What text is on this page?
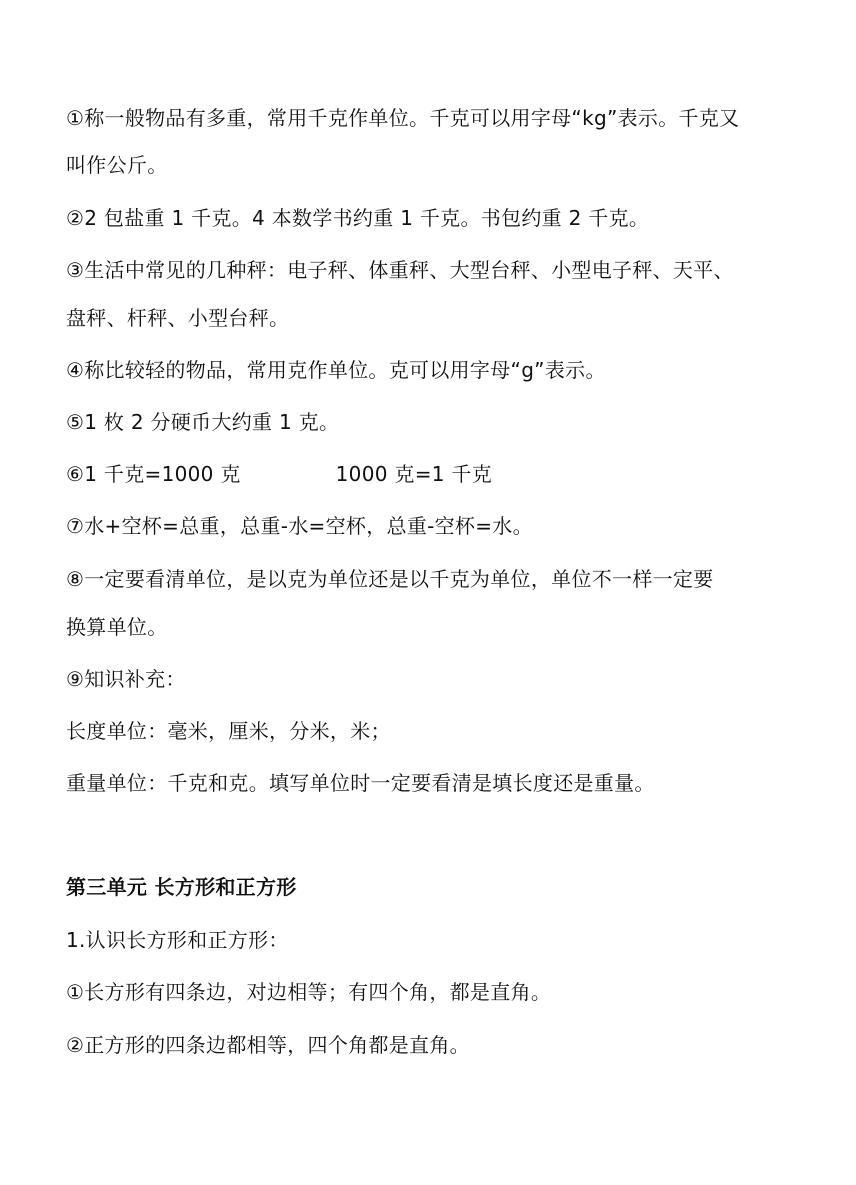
①称一般物品有多重，常用千克作单位。千克可以用字母“kg”表示。千克又
叫作公斤。
②2 包盐重 1 千克。4 本数学书约重 1 千克。书包约重 2 千克。
③生活中常见的几种秤：电子秤、体重秤、大型台秤、小型电子秤、天平、
盘秤、杆秤、小型台秤。
④称比较轻的物品，常用克作单位。克可以用字母“g”表示。
⑤1 枚 2 分硬币大约重 1 克。
⑥1 千克=1000 克	1000 克=1 千克
⑦水+空杯=总重，总重-水=空杯，总重-空杯=水。
⑧一定要看清单位，是以克为单位还是以千克为单位，单位不一样一定要
换算单位。
⑨知识补充：
长度单位：毫米，厘米，分米，米；
重量单位：千克和克。填写单位时一定要看清是填长度还是重量。
第三单元 长方形和正方形
1.认识长方形和正方形：
①长方形有四条边，对边相等；有四个角，都是直角。
②正方形的四条边都相等，四个角都是直角。
